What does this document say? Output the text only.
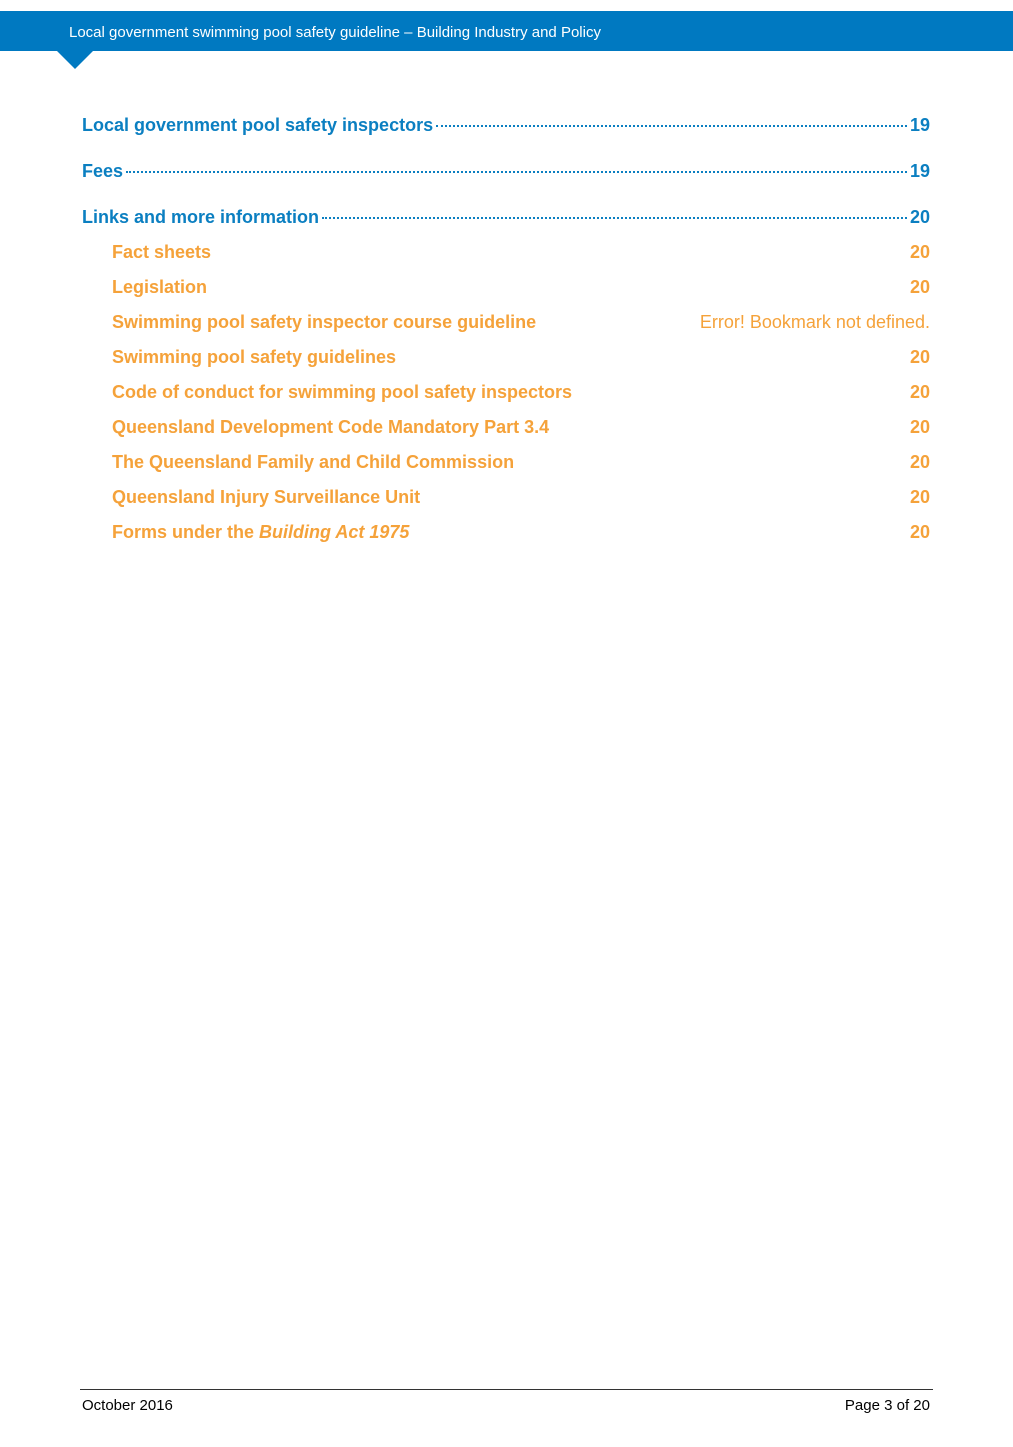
Local government swimming pool safety guideline – Building Industry and Policy
Local government pool safety inspectors	19
Fees	19
Links and more information	20
Fact sheets	20
Legislation	20
Swimming pool safety inspector course guideline	Error! Bookmark not defined.
Swimming pool safety guidelines	20
Code of conduct for swimming pool safety inspectors	20
Queensland Development Code Mandatory Part 3.4	20
The Queensland Family and Child Commission	20
Queensland Injury Surveillance Unit	20
Forms under the Building Act 1975	20
October 2016	Page 3 of 20
